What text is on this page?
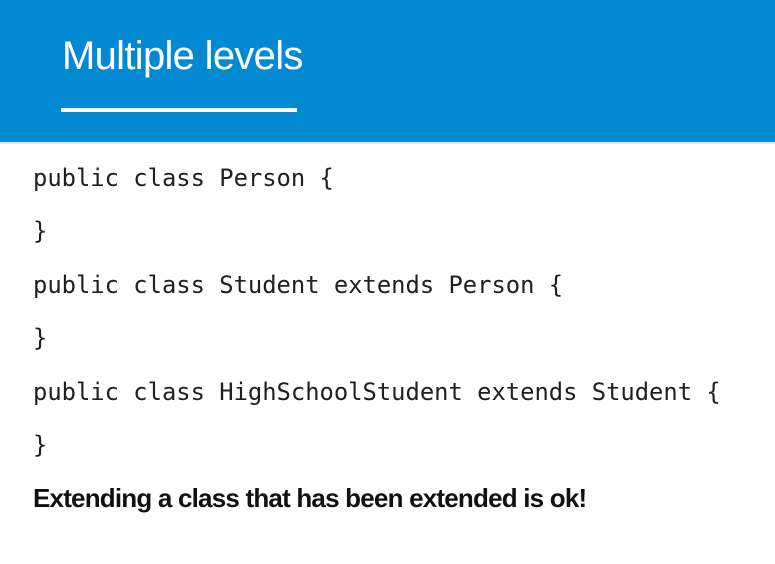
Multiple levels
public class Person {
}
public class Student extends Person {
}
public class HighSchoolStudent extends Student {
}
Extending a class that has been extended is ok!
